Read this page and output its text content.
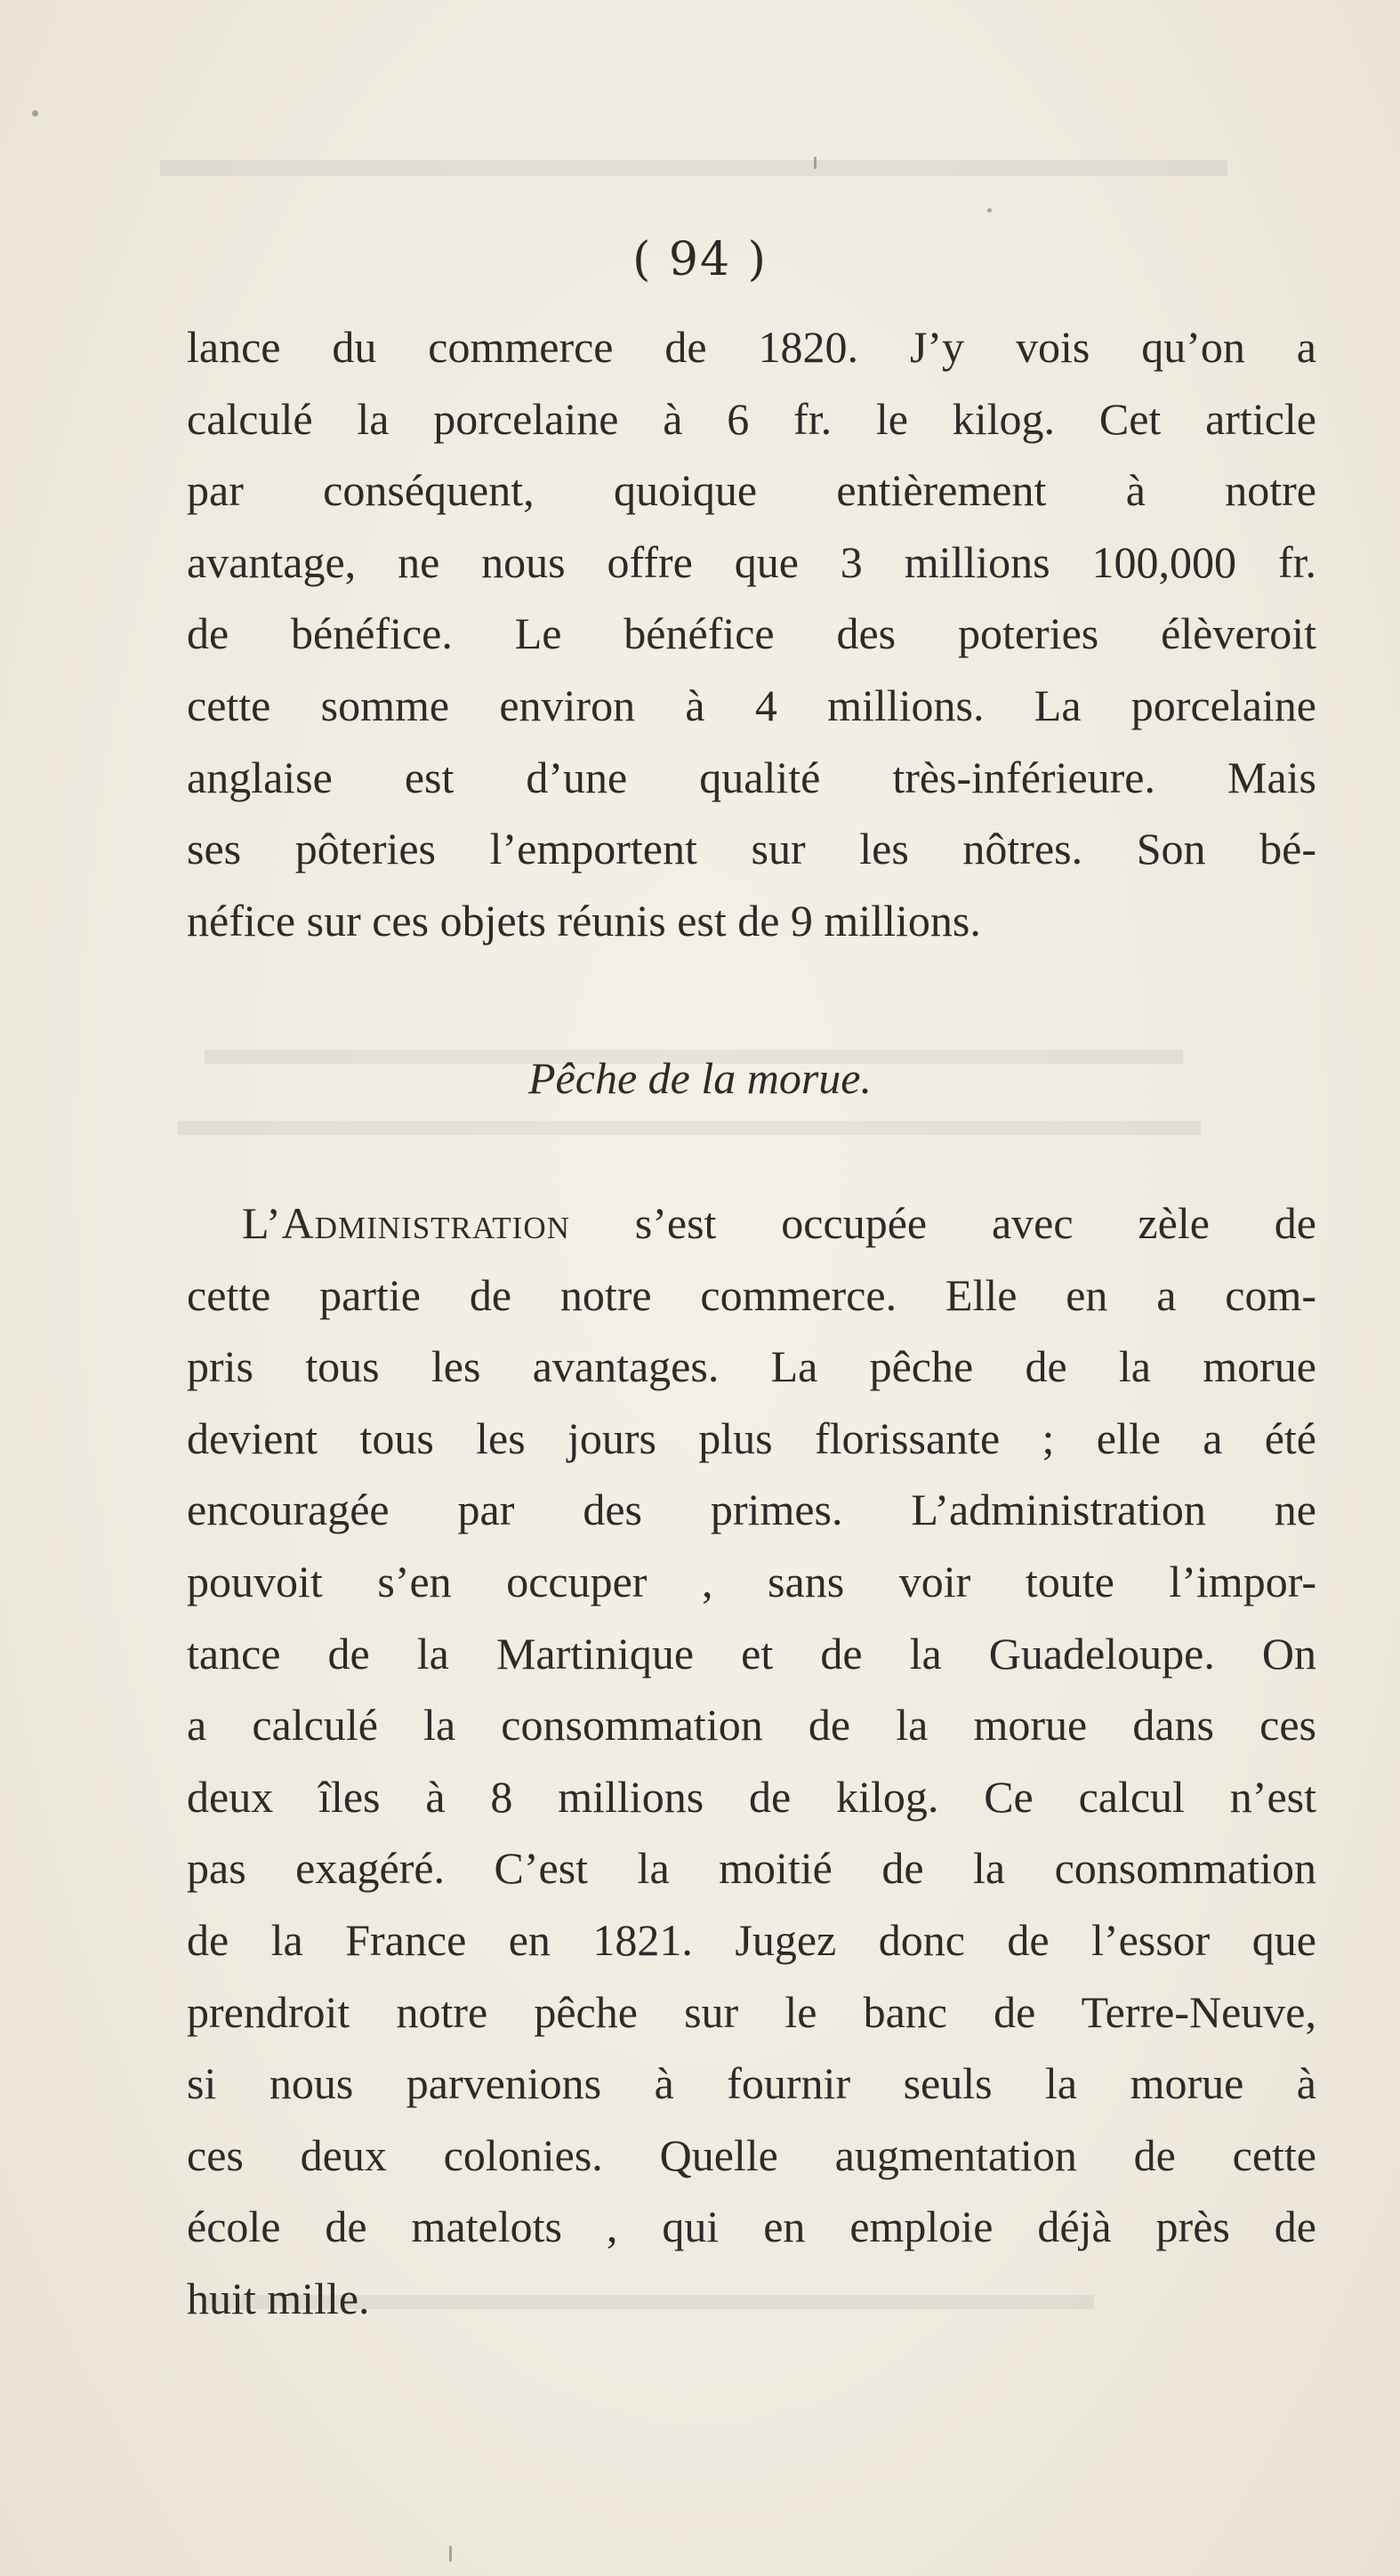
( 94 )
lance du commerce de 1820. J’y vois qu’on a
calculé la porcelaine à 6 fr. le kilog. Cet article
par conséquent, quoique entièrement à notre
avantage, ne nous offre que 3 millions 100,000 fr.
de bénéfice. Le bénéfice des poteries élèveroit
cette somme environ à 4 millions. La porcelaine
anglaise est d’une qualité très-inférieure. Mais
ses pôteries l’emportent sur les nôtres. Son bé-
néfice sur ces objets réunis est de 9 millions.
Pêche de la morue.
L’Administration s’est occupée avec zèle de
cette partie de notre commerce. Elle en a com-
pris tous les avantages. La pêche de la morue
devient tous les jours plus florissante ; elle a été
encouragée par des primes. L’administration ne
pouvoit s’en occuper , sans voir toute l’impor-
tance de la Martinique et de la Guadeloupe. On
a calculé la consommation de la morue dans ces
deux îles à 8 millions de kilog. Ce calcul n’est
pas exagéré. C’est la moitié de la consommation
de la France en 1821. Jugez donc de l’essor que
prendroit notre pêche sur le banc de Terre-Neuve,
si nous parvenions à fournir seuls la morue à
ces deux colonies. Quelle augmentation de cette
école de matelots , qui en emploie déjà près de
huit mille.
